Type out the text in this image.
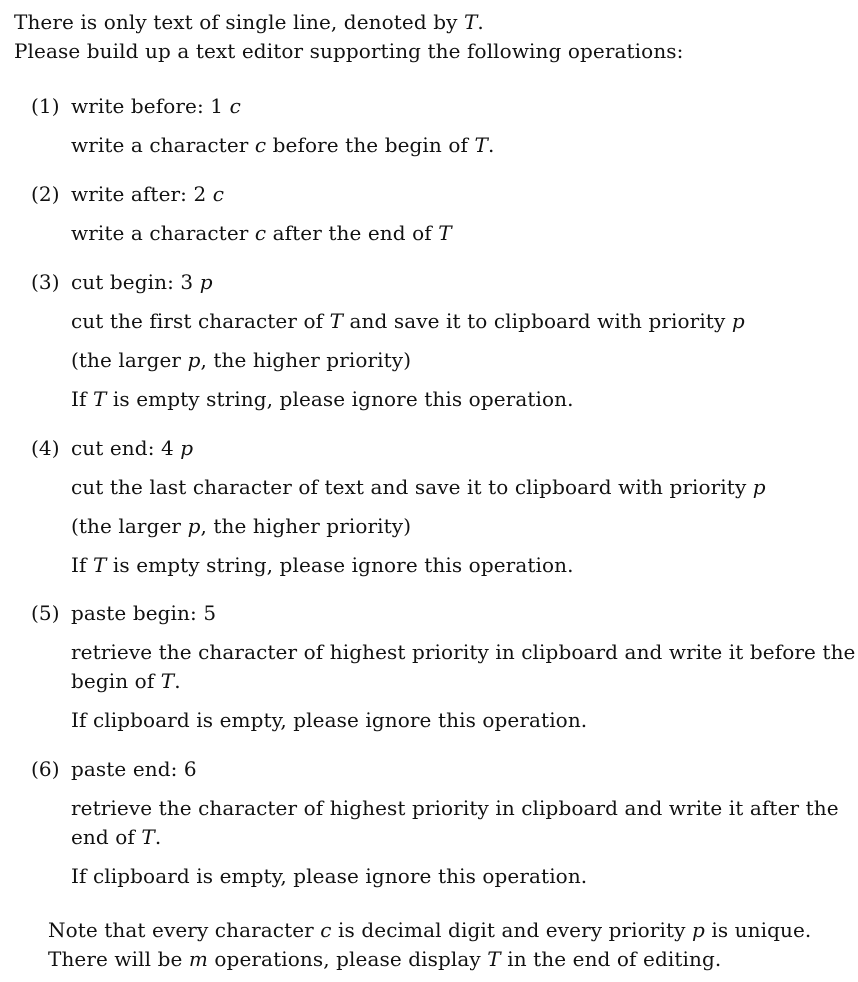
There is only text of single line, denoted by T.
Please build up a text editor supporting the following operations:
(1) write before: 1 c
write a character c before the begin of T.
(2) write after: 2 c
write a character c after the end of T
(3) cut begin: 3 p
cut the first character of T and save it to clipboard with priority p
(the larger p, the higher priority)
If T is empty string, please ignore this operation.
(4) cut end: 4 p
cut the last character of text and save it to clipboard with priority p
(the larger p, the higher priority)
If T is empty string, please ignore this operation.
(5) paste begin: 5
retrieve the character of highest priority in clipboard and write it before the
begin of T.
If clipboard is empty, please ignore this operation.
(6) paste end: 6
retrieve the character of highest priority in clipboard and write it after the
end of T.
If clipboard is empty, please ignore this operation.
Note that every character c is decimal digit and every priority p is unique.
There will be m operations, please display T in the end of editing.
